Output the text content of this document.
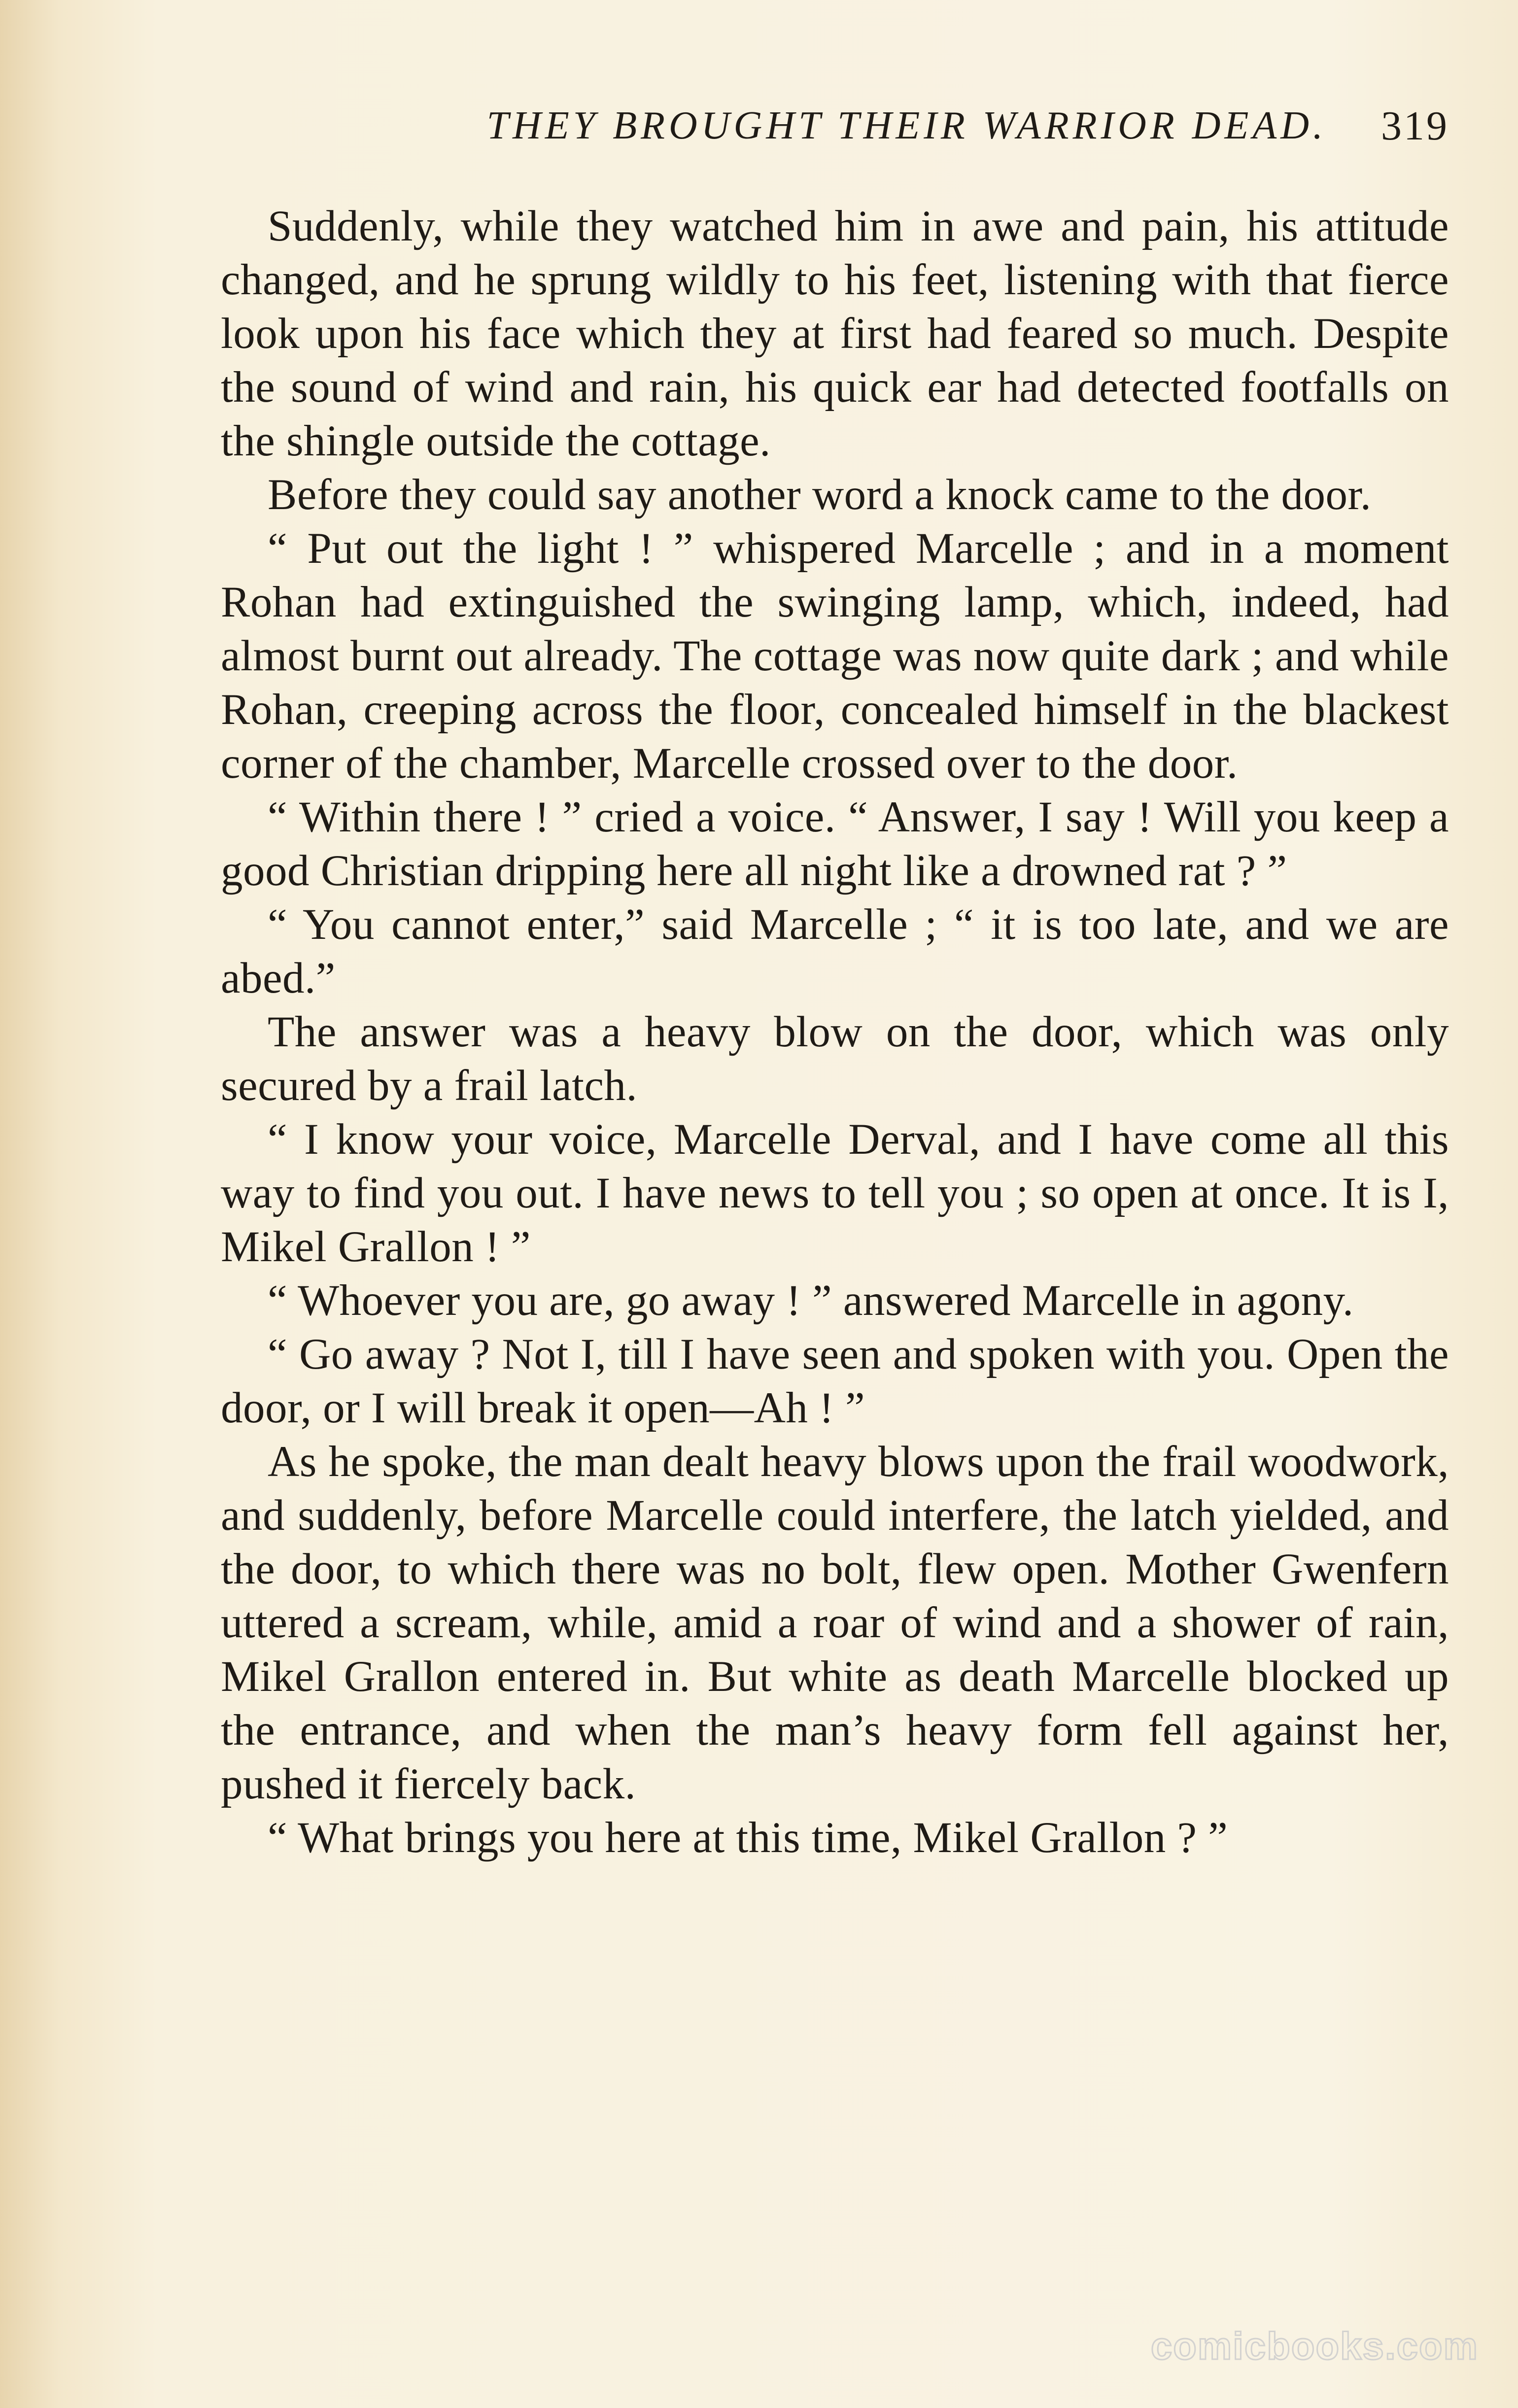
THEY BROUGHT THEIR WARRIOR DEAD. 319

Suddenly, while they watched him in awe and pain, his attitude changed, and he sprung wildly to his feet, listening with that fierce look upon his face which they at first had feared so much. Despite the sound of wind and rain, his quick ear had detected footfalls on the shingle outside the cottage.

Before they could say another word a knock came to the door.

“ Put out the light ! ” whispered Marcelle ; and in a moment Rohan had extinguished the swinging lamp, which, indeed, had almost burnt out already. The cottage was now quite dark ; and while Rohan, creeping across the floor, concealed himself in the blackest corner of the chamber, Marcelle crossed over to the door.

“ Within there ! ” cried a voice. “ Answer, I say ! Will you keep a good Christian dripping here all night like a drowned rat ? ”

“ You cannot enter,” said Marcelle ; “ it is too late, and we are abed.”

The answer was a heavy blow on the door, which was only secured by a frail latch.

“ I know your voice, Marcelle Derval, and I have come all this way to find you out. I have news to tell you ; so open at once. It is I, Mikel Grallon ! ”

“ Whoever you are, go away ! ” answered Marcelle in agony.

“ Go away ? Not I, till I have seen and spoken with you. Open the door, or I will break it open—Ah ! ”

As he spoke, the man dealt heavy blows upon the frail woodwork, and suddenly, before Marcelle could interfere, the latch yielded, and the door, to which there was no bolt, flew open. Mother Gwenfern uttered a scream, while, amid a roar of wind and a shower of rain, Mikel Grallon entered in. But white as death Marcelle blocked up the entrance, and when the man’s heavy form fell against her, pushed it fiercely back.

“ What brings you here at this time, Mikel Grallon ? ”

comicbooks.com
